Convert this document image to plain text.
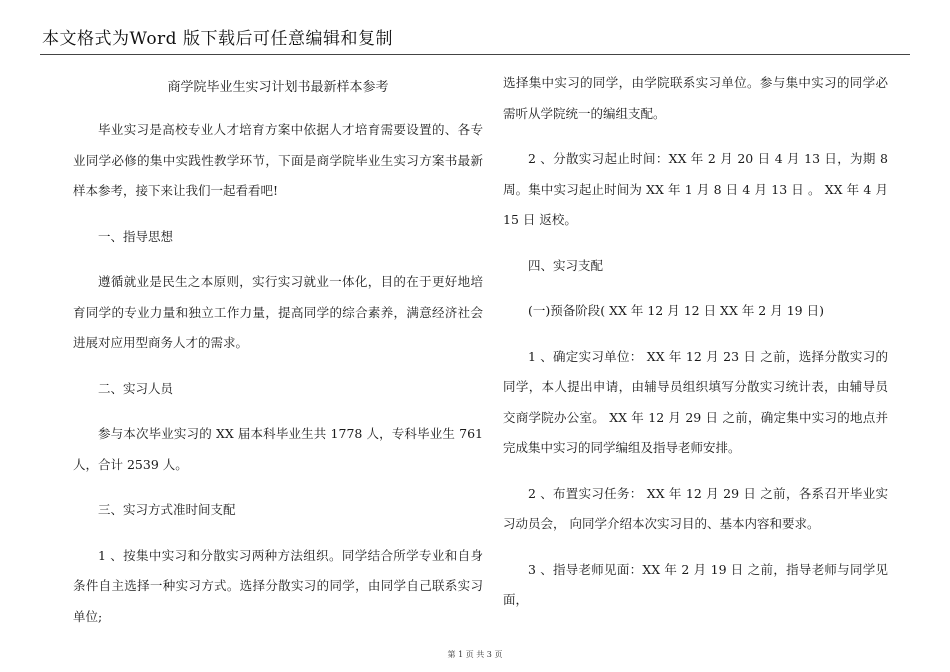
本文格式为Word 版下载后可任意编辑和复制
商学院毕业生实习计划书最新样本参考

毕业实习是高校专业人才培育方案中依据人才培育需要设置的、各专业同学必修的集中实践性教学环节，下面是商学院毕业生实习方案书最新样本参考，接下来让我们一起看看吧!

一、指导思想

遵循就业是民生之本原则，实行实习就业一体化，目的在于更好地培育同学的专业力量和独立工作力量，提高同学的综合素养，满意经济社会进展对应用型商务人才的需求。

二、实习人员

参与本次毕业实习的 XX 届本科毕业生共 1778 人，专科毕业生 761 人，合计 2539 人。

三、实习方式准时间支配

1 、按集中实习和分散实习两种方法组织。同学结合所学专业和自身条件自主选择一种实习方式。选择分散实习的同学，由同学自己联系实习单位;

选择集中实习的同学，由学院联系实习单位。参与集中实习的同学必需听从学院统一的编组支配。

2 、分散实习起止时间：XX 年 2 月 20 日 4 月 13 日，为期 8 周。集中实习起止时间为 XX 年 1 月 8 日 4 月 13 日 。 XX 年 4 月 15 日 返校。

四、实习支配

(一)预备阶段( XX 年 12 月 12 日 XX 年 2 月 19 日)

1 、确定实习单位： XX 年 12 月 23 日 之前，选择分散实习的同学，本人提出申请，由辅导员组织填写分散实习统计表，由辅导员交商学院办公室。 XX 年 12 月 29 日 之前，确定集中实习的地点并完成集中实习的同学编组及指导老师安排。

2 、布置实习任务： XX 年 12 月 29 日 之前，各系召开毕业实习动员会， 向同学介绍本次实习目的、基本内容和要求。

3 、指导老师见面：XX 年 2 月 19 日 之前，指导老师与同学见面，

第 1 页 共 3 页
